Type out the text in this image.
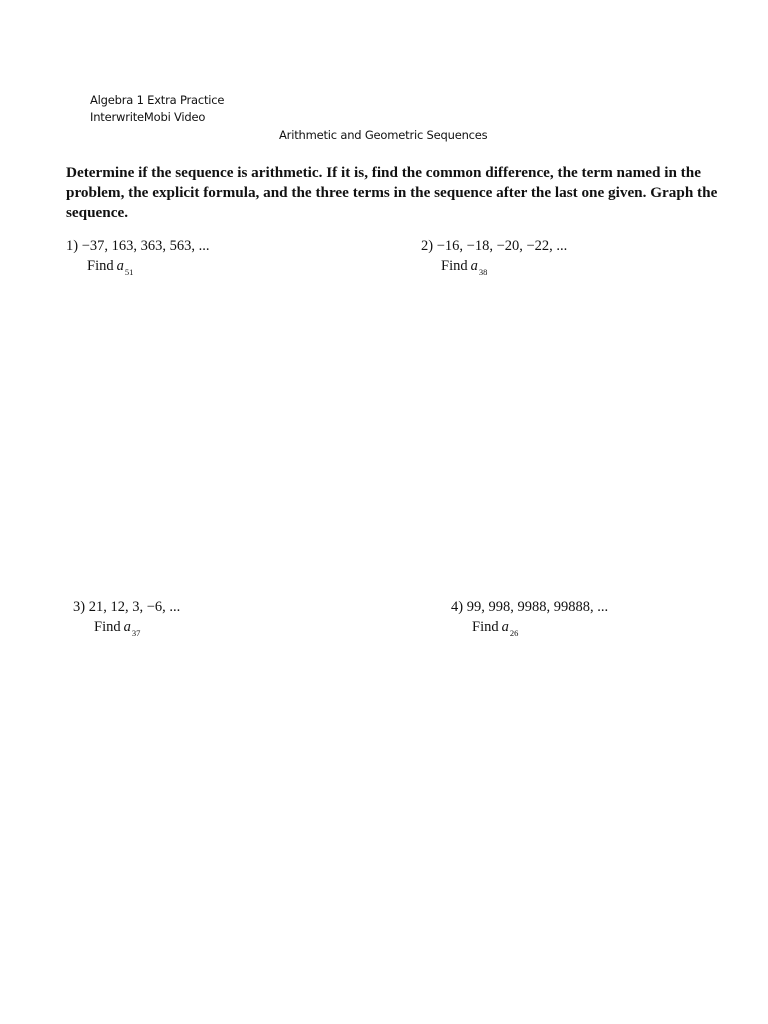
Algebra 1 Extra Practice
InterwriteMobi Video
Arithmetic and Geometric Sequences

Determine if the sequence is arithmetic. If it is, find the common difference, the term named in the problem, the explicit formula, and the three terms in the sequence after the last one given. Graph the sequence.

1) −37, 163, 363, 563, ...
Find $a_{51}$
2) −16, −18, −20, −22, ...
Find $a_{38}$
3) 21, 12, 3, −6, ...
Find $a_{37}$
4) 99, 998, 9988, 99888, ...
Find $a_{26}$
